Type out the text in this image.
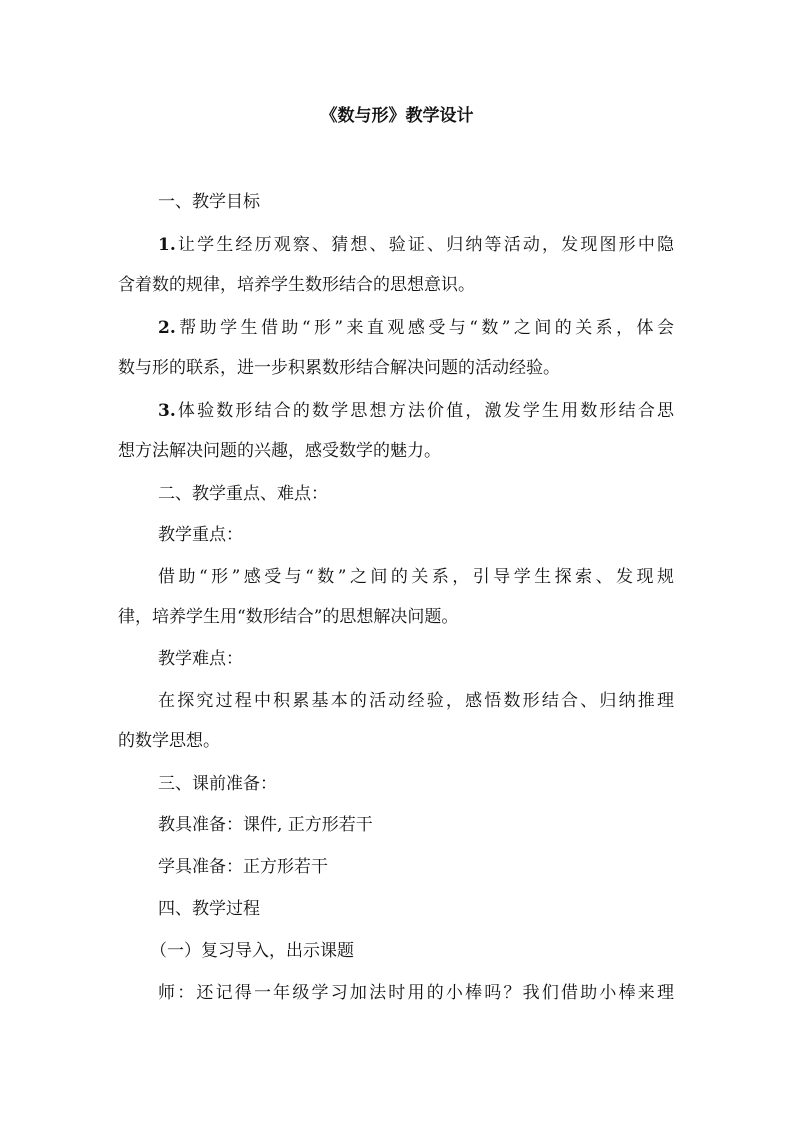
《数与形》教学设计
一、教学目标
1.让学生经历观察、猜想、验证、归纳等活动，发现图形中隐
含着数的规律，培养学生数形结合的思想意识。
2.帮助学生借助“形”来直观感受与“数”之间的关系，体会
数与形的联系，进一步积累数形结合解决问题的活动经验。
3.体验数形结合的数学思想方法价值，激发学生用数形结合思
想方法解决问题的兴趣，感受数学的魅力。
二、教学重点、难点：
教学重点：
借助“形”感受与“数”之间的关系，引导学生探索、发现规
律，培养学生用“数形结合”的思想解决问题。
教学难点：
在探究过程中积累基本的活动经验，感悟数形结合、归纳推理
的数学思想。
三、课前准备：
教具准备：课件, 正方形若干
学具准备：正方形若干
四、教学过程
（一）复习导入，出示课题
师：还记得一年级学习加法时用的小棒吗？我们借助小棒来理
